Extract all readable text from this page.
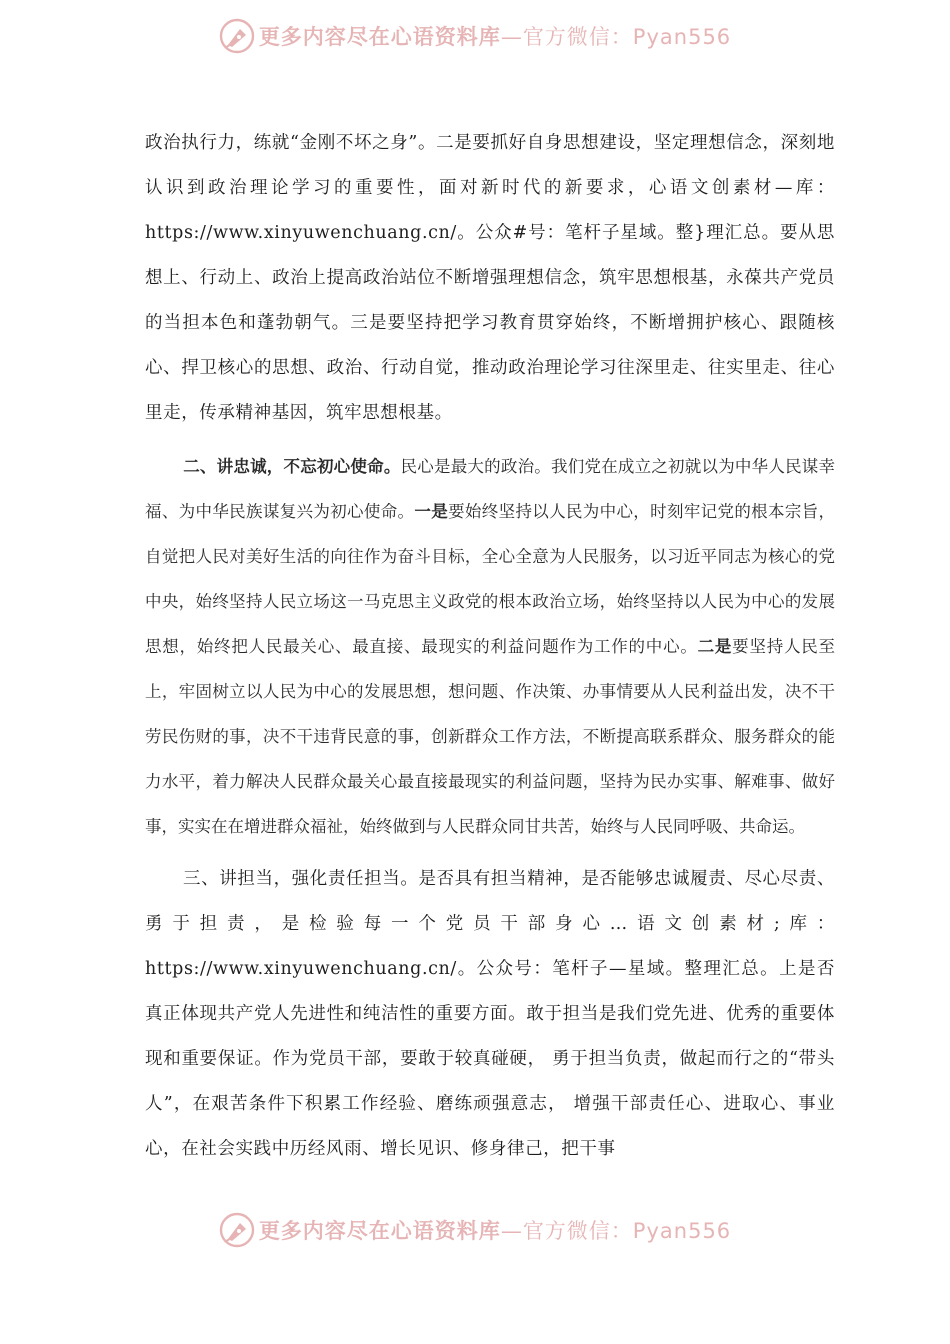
更多内容尽在心语资料库—官方微信：Pyan556

政治执行力，练就“金刚不坏之身”。二是要抓好自身思想建设，坚定理想信念，深刻地认识到政治理论学习的重要性，面对新时代的新要求，心语文创素材—库：https://www.xinyuwenchuang.cn/。公众#号：笔杆子星域。整}理汇总。要从思想上、行动上、政治上提高政治站位不断增强理想信念，筑牢思想根基，永葆共产党员的当担本色和蓬勃朝气。三是要坚持把学习教育贯穿始终，不断增拥护核心、跟随核心、捍卫核心的思想、政治、行动自觉，推动政治理论学习往深里走、往实里走、往心里走，传承精神基因，筑牢思想根基。

二、讲忠诚，不忘初心使命。民心是最大的政治。我们党在成立之初就以为中华人民谋幸福、为中华民族谋复兴为初心使命。一是要始终坚持以人民为中心，时刻牢记党的根本宗旨，自觉把人民对美好生活的向往作为奋斗目标，全心全意为人民服务，以习近平同志为核心的党中央，始终坚持人民立场这一马克思主义政党的根本政治立场，始终坚持以人民为中心的发展思想，始终把人民最关心、最直接、最现实的利益问题作为工作的中心。二是要坚持人民至上，牢固树立以人民为中心的发展思想，想问题、作决策、办事情要从人民利益出发，决不干劳民伤财的事，决不干违背民意的事，创新群众工作方法，不断提高联系群众、服务群众的能力水平，着力解决人民群众最关心最直接最现实的利益问题，坚持为民办实事、解难事、做好事，实实在在增进群众福祉，始终做到与人民群众同甘共苦，始终与人民同呼吸、共命运。

三、讲担当，强化责任担当。是否具有担当精神，是否能够忠诚履责、尽心尽责、勇于担责，是检验每一个党员干部身心…语文创素材;库：https://www.xinyuwenchuang.cn/。公众号：笔杆子—星域。整理汇总。上是否真正体现共产党人先进性和纯洁性的重要方面。敢于担当是我们党先进、优秀的重要体现和重要保证。作为党员干部，要敢于较真碰硬， 勇于担当负责，做起而行之的“带头人”，在艰苦条件下积累工作经验、磨练顽强意志， 增强干部责任心、进取心、事业心，在社会实践中历经风雨、增长见识、修身律己，把干事

更多内容尽在心语资料库—官方微信：Pyan556
